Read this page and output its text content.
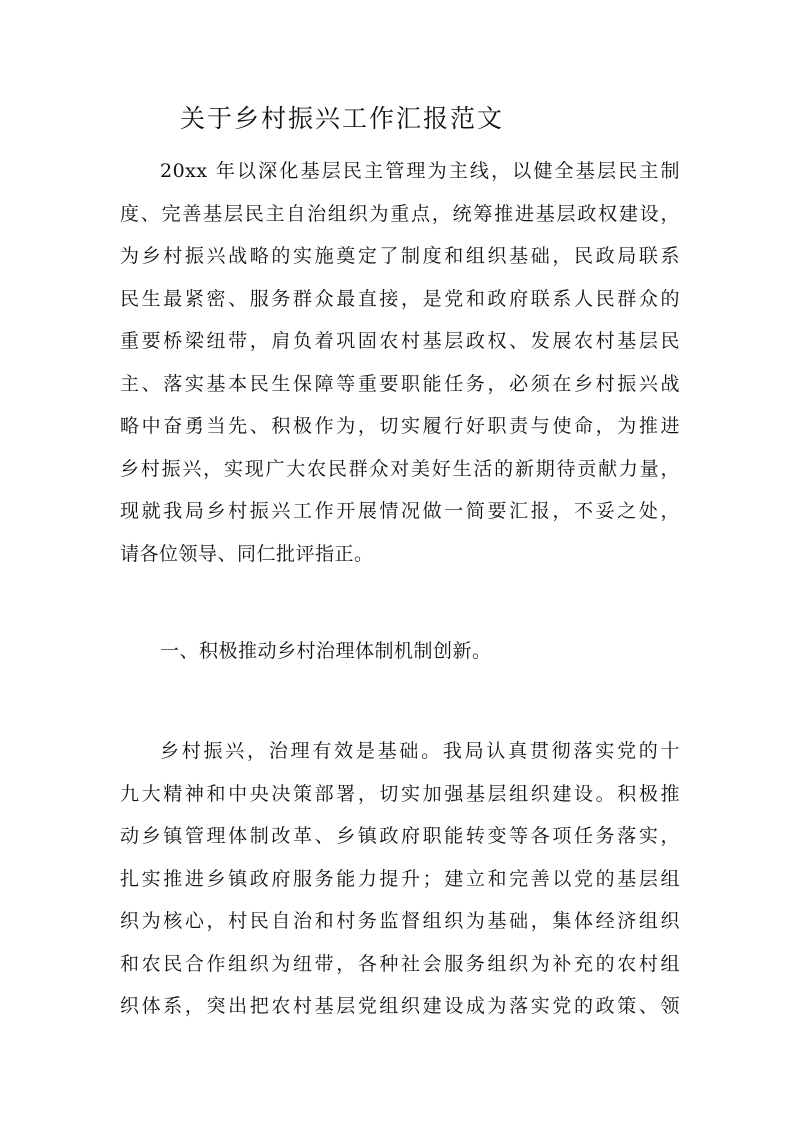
关于乡村振兴工作汇报范文
20xx 年以深化基层民主管理为主线，以健全基层民主制
度、完善基层民主自治组织为重点，统筹推进基层政权建设，
为乡村振兴战略的实施奠定了制度和组织基础，民政局联系
民生最紧密、服务群众最直接，是党和政府联系人民群众的
重要桥梁纽带，肩负着巩固农村基层政权、发展农村基层民
主、落实基本民生保障等重要职能任务，必须在乡村振兴战
略中奋勇当先、积极作为，切实履行好职责与使命，为推进
乡村振兴，实现广大农民群众对美好生活的新期待贡献力量，
现就我局乡村振兴工作开展情况做一简要汇报，不妥之处，
请各位领导、同仁批评指正。
一、积极推动乡村治理体制机制创新。
乡村振兴，治理有效是基础。我局认真贯彻落实党的十
九大精神和中央决策部署，切实加强基层组织建设。积极推
动乡镇管理体制改革、乡镇政府职能转变等各项任务落实，
扎实推进乡镇政府服务能力提升；建立和完善以党的基层组
织为核心，村民自治和村务监督组织为基础，集体经济组织
和农民合作组织为纽带，各种社会服务组织为补充的农村组
织体系，突出把农村基层党组织建设成为落实党的政策、领
